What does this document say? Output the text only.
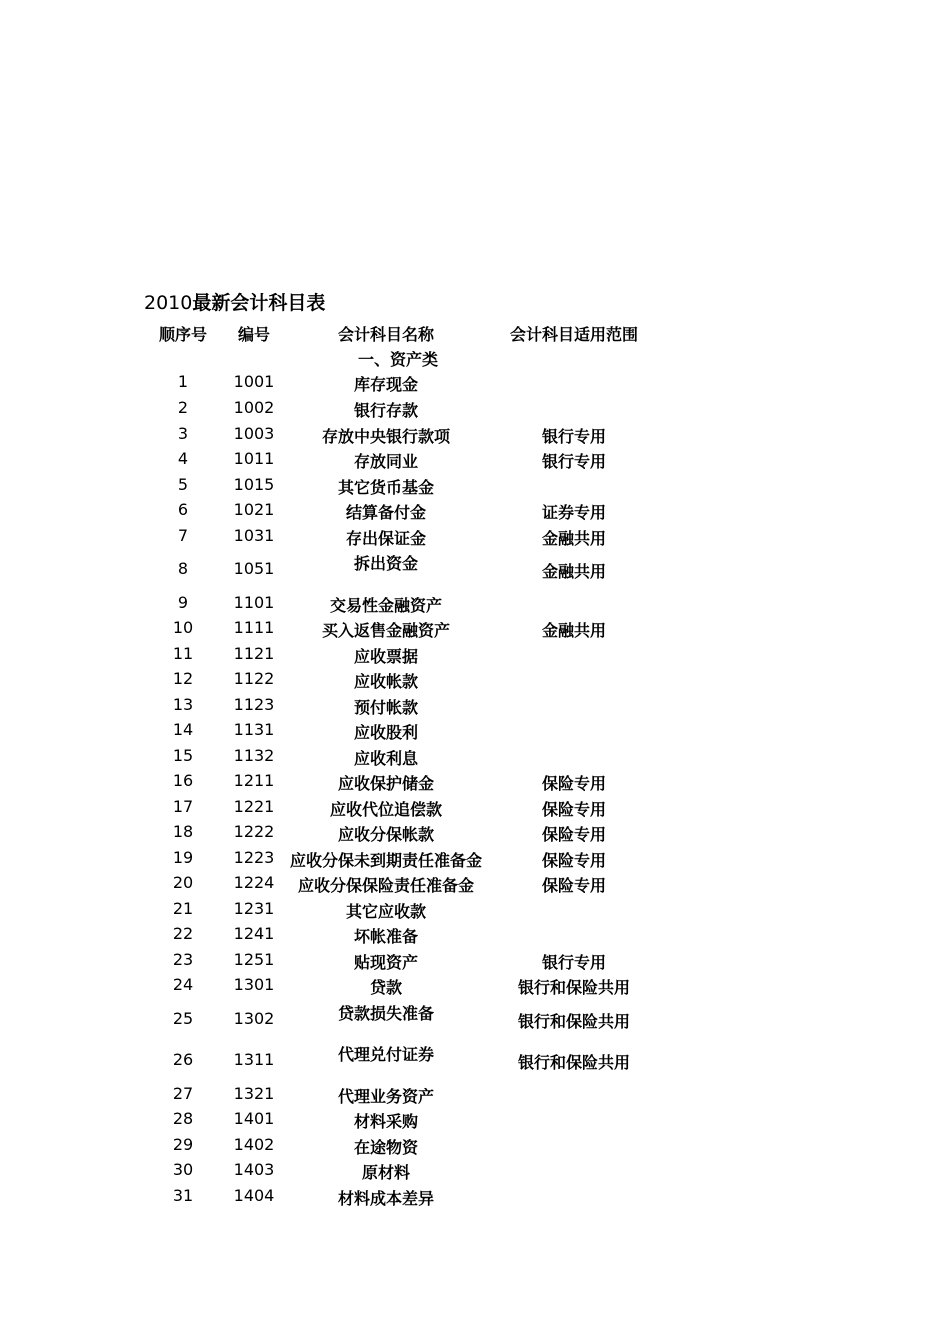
2010最新会计科目表
顺序号 编号	会计科目名称	会计科目适用范围
一、资产类
1	1001	库存现金
2	1002	银行存款
3	1003	存放中央银行款项	银行专用
4	1011	存放同业	银行专用
5	1015	其它货币基金
6	1021	结算备付金	证券专用
7	1031	存出保证金	金融共用
8	1051	拆出资金	金融共用
9	1101	交易性金融资产
10	1111	买入返售金融资产	金融共用
11	1121	应收票据
12	1122	应收帐款
13	1123	预付帐款
14	1131	应收股利
15	1132	应收利息
16	1211	应收保护储金	保险专用
17	1221	应收代位追偿款	保险专用
18	1222	应收分保帐款	保险专用
19	1223 应收分保未到期责任准备金	保险专用
20	1224 应收分保保险责任准备金	保险专用
21	1231	其它应收款
22	1241	坏帐准备
23	1251	贴现资产	银行专用
24	1301	贷款	银行和保险共用
25	1302	贷款损失准备	银行和保险共用
26	1311	代理兑付证券	银行和保险共用
27	1321	代理业务资产
28	1401	材料采购
29	1402	在途物资
30	1403	原材料
31	1404	材料成本差异
